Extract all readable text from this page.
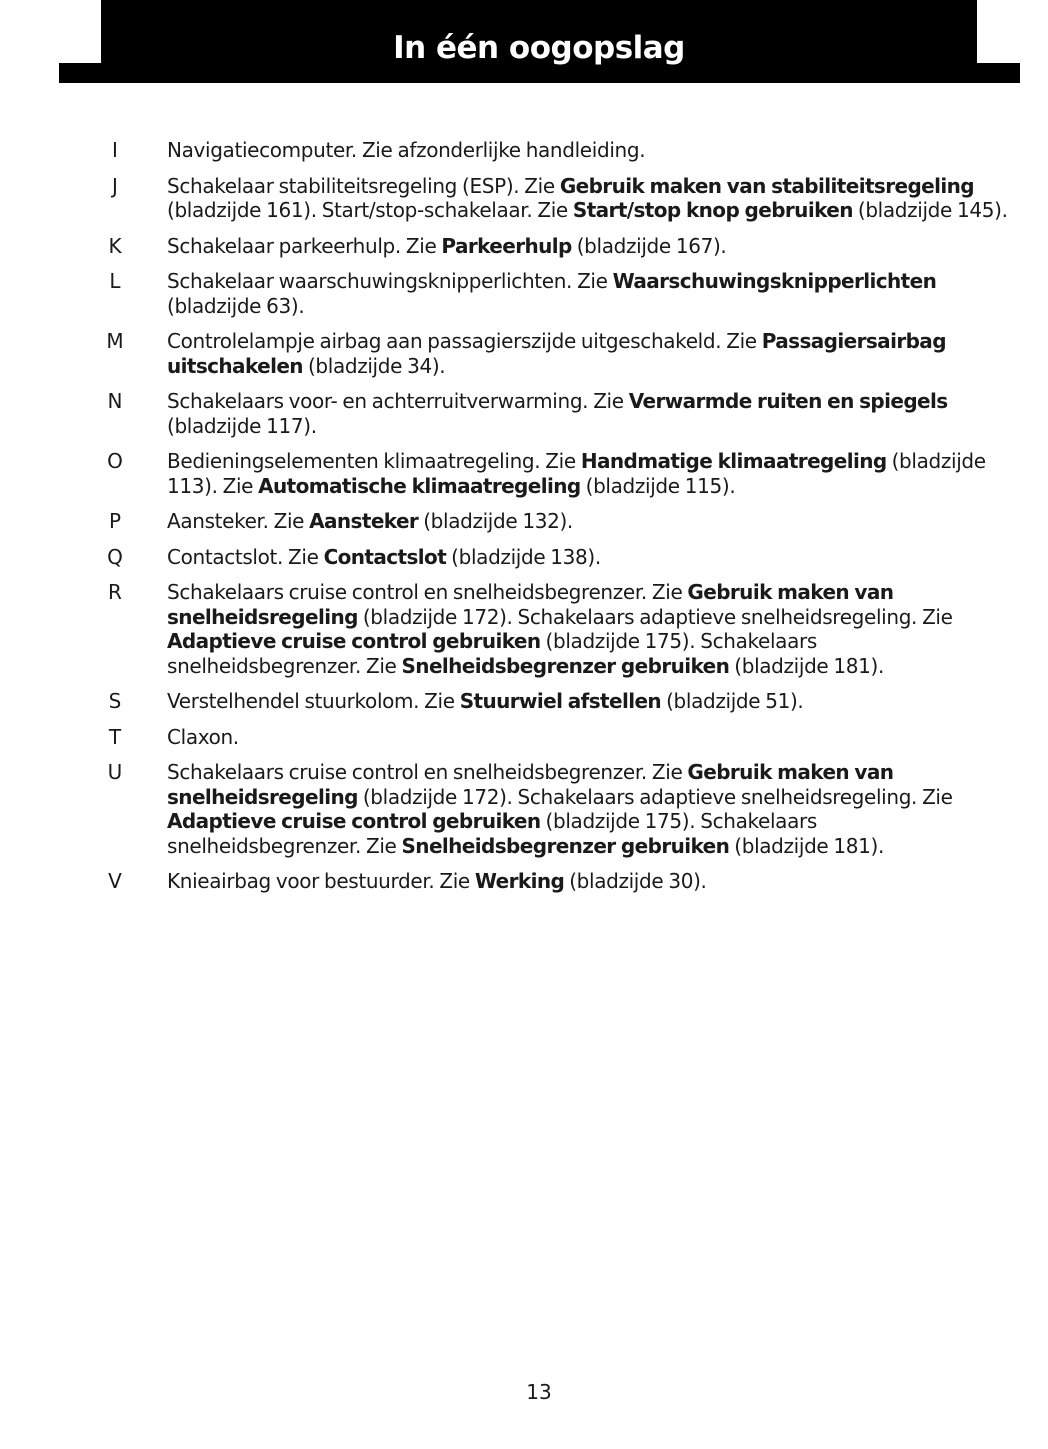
In één oogopslag
I	Navigatiecomputer. Zie afzonderlijke handleiding.
J	Schakelaar stabiliteitsregeling (ESP). Zie Gebruik maken van stabiliteitsregeling (bladzijde 161). Start/stop-schakelaar. Zie Start/stop knop gebruiken (bladzijde 145).
K	Schakelaar parkeerhulp. Zie Parkeerhulp (bladzijde 167).
L	Schakelaar waarschuwingsknipperlichten. Zie Waarschuwingsknipperlichten (bladzijde 63).
M	Controlelampje airbag aan passagierszijde uitgeschakeld. Zie Passagiersairbag uitschakelen (bladzijde 34).
N	Schakelaars voor- en achterruitverwarming. Zie Verwarmde ruiten en spiegels (bladzijde 117).
O	Bedieningselementen klimaatregeling. Zie Handmatige klimaatregeling (bladzijde 113). Zie Automatische klimaatregeling (bladzijde 115).
P	Aansteker. Zie Aansteker (bladzijde 132).
Q	Contactslot. Zie Contactslot (bladzijde 138).
R	Schakelaars cruise control en snelheidsbegrenzer. Zie Gebruik maken van snelheidsregeling (bladzijde 172). Schakelaars adaptieve snelheidsregeling. Zie Adaptieve cruise control gebruiken (bladzijde 175). Schakelaars snelheidsbegrenzer. Zie Snelheidsbegrenzer gebruiken (bladzijde 181).
S	Verstelhendel stuurkolom. Zie Stuurwiel afstellen (bladzijde 51).
T	Claxon.
U	Schakelaars cruise control en snelheidsbegrenzer. Zie Gebruik maken van snelheidsregeling (bladzijde 172). Schakelaars adaptieve snelheidsregeling. Zie Adaptieve cruise control gebruiken (bladzijde 175). Schakelaars snelheidsbegrenzer. Zie Snelheidsbegrenzer gebruiken (bladzijde 181).
V	Knieairbag voor bestuurder. Zie Werking (bladzijde 30).
13
